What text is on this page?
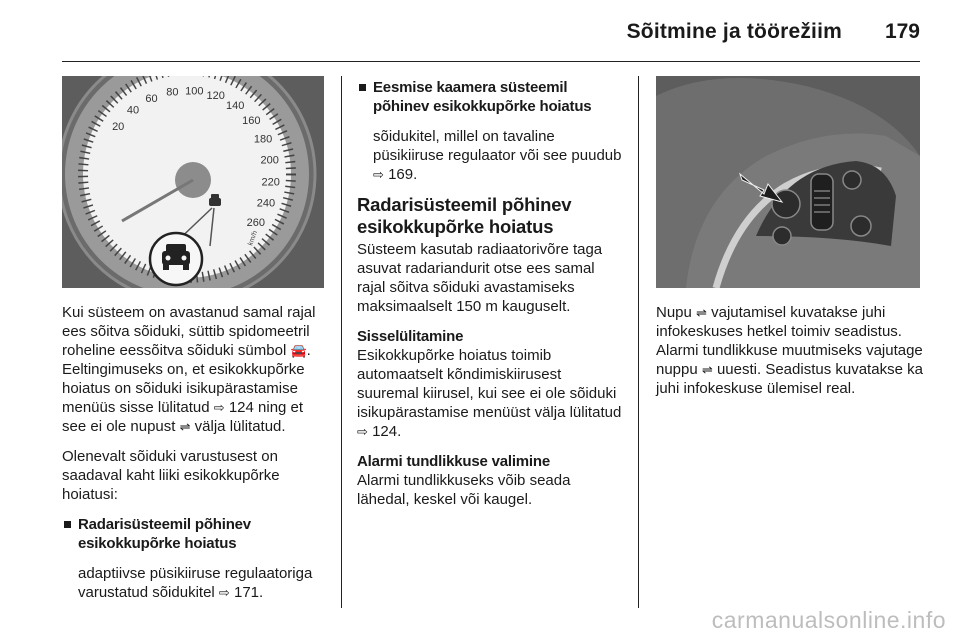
Sõitmine ja töörežiim 179
20
40
60
80 100 120
140
160
180
200
220
240
260
km/h

Kui süsteem on avastanud samal rajal ees sõitva sõiduki, süttib spidomeetril roheline eessõitva sõiduki sümbol 🚘. Eeltingimuseks on, et esikokkupõrke hoiatus on sõiduki isikupärastamise menüüs sisse lülitatud ⇨ 124 ning et see ei ole nupust ⇌ välja lülitatud.

Olenevalt sõiduki varustusest on saadaval kaht liiki esikokkupõrke hoiatusi:

Radarisüsteemil põhinev esikokkupõrke hoiatus
adaptiivse püsikiiruse regulaatoriga varustatud sõidukitel ⇨ 171.
Eesmise kaamera süsteemil põhinev esikokkupõrke hoiatus
sõidukitel, millel on tavaline püsikiiruse regulaator või see puudub ⇨ 169.
Radarisüsteemil põhinev esikokkupõrke hoiatus

Süsteem kasutab radiaatorivõre taga asuvat radariandurit otse ees samal rajal sõitva sõiduki avastamiseks maksimaalselt 150 m kauguselt.

Sisselülitamine

Esikokkupõrke hoiatus toimib automaatselt kõndimiskiirusest suuremal kiirusel, kui see ei ole sõiduki isikupärastamise menüüst välja lülitatud ⇨ 124.

Alarmi tundlikkuse valimine

Alarmi tundlikkuseks võib seada lähedal, keskel või kaugel.

Nupu ⇌ vajutamisel kuvatakse juhi infokeskuses hetkel toimiv seadistus. Alarmi tundlikkuse muutmiseks vajutage nuppu ⇌ uuesti. Seadistus kuvatakse ka juhi infokeskuse ülemisel real.

carmanualsonline.info
